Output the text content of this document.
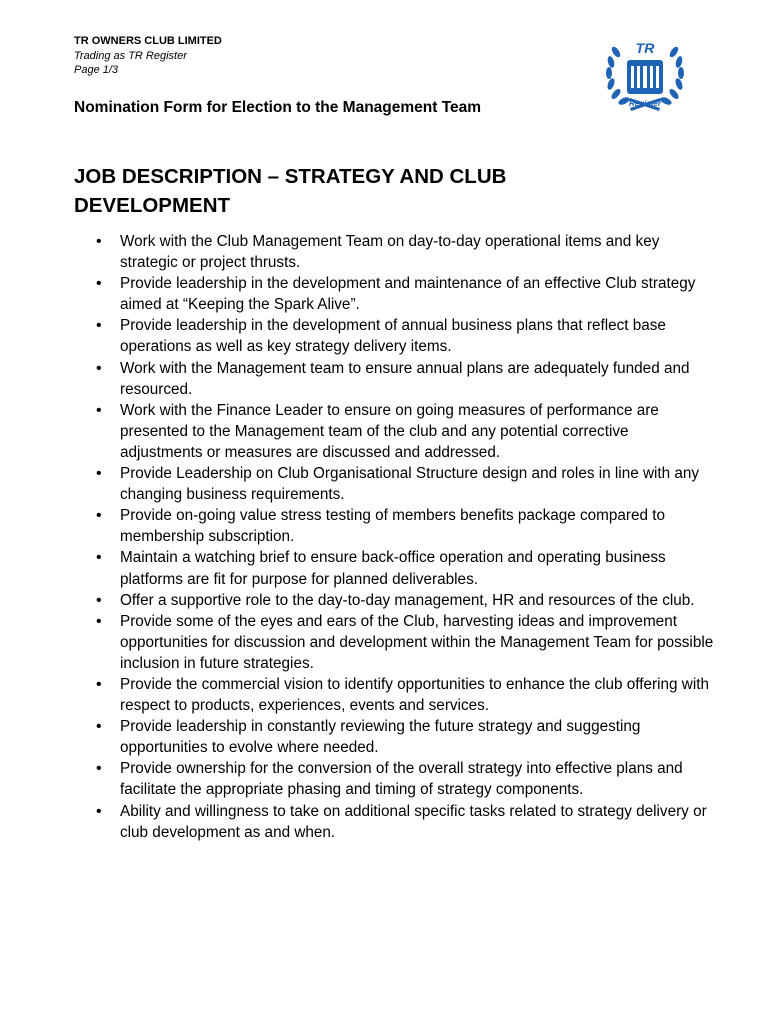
TR OWNERS CLUB LIMITED
Trading as TR Register
Page 1/3
TR
Register
Nomination Form for Election to the Management Team
JOB DESCRIPTION – STRATEGY AND CLUB DEVELOPMENT
• Work with the Club Management Team on day-to-day operational items and key strategic or project thrusts.
• Provide leadership in the development and maintenance of an effective Club strategy aimed at “Keeping the Spark Alive”.
• Provide leadership in the development of annual business plans that reflect base operations as well as key strategy delivery items.
• Work with the Management team to ensure annual plans are adequately funded and resourced.
• Work with the Finance Leader to ensure on going measures of performance are presented to the Management team of the club and any potential corrective adjustments or measures are discussed and addressed.
• Provide Leadership on Club Organisational Structure design and roles in line with any changing business requirements.
• Provide on-going value stress testing of members benefits package compared to membership subscription.
• Maintain a watching brief to ensure back-office operation and operating business platforms are fit for purpose for planned deliverables.
• Offer a supportive role to the day-to-day management, HR and resources of the club.
• Provide some of the eyes and ears of the Club, harvesting ideas and improvement opportunities for discussion and development within the Management Team for possible inclusion in future strategies.
• Provide the commercial vision to identify opportunities to enhance the club offering with respect to products, experiences, events and services.
• Provide leadership in constantly reviewing the future strategy and suggesting opportunities to evolve where needed.
• Provide ownership for the conversion of the overall strategy into effective plans and facilitate the appropriate phasing and timing of strategy components.
• Ability and willingness to take on additional specific tasks related to strategy delivery or club development as and when.
